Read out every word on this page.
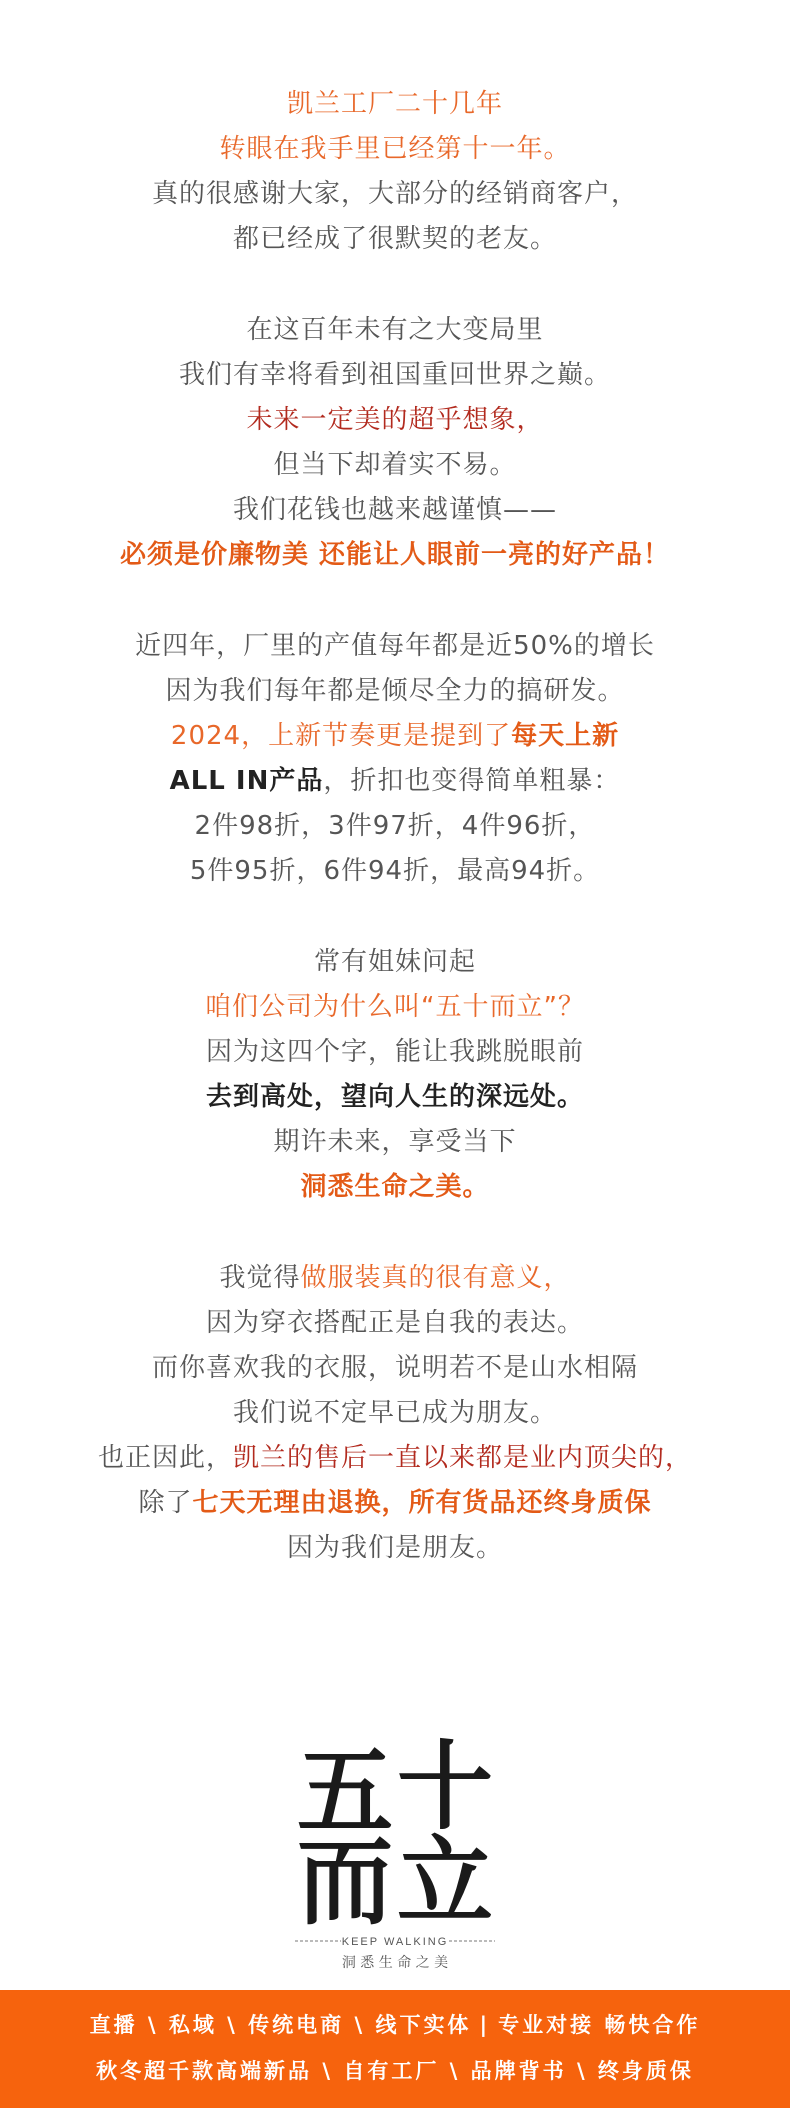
凯兰工厂二十几年
转眼在我手里已经第十一年。
真的很感谢大家，大部分的经销商客户，
都已经成了很默契的老友。
在这百年未有之大变局里
我们有幸将看到祖国重回世界之巅。
未来一定美的超乎想象，
但当下却着实不易。
我们花钱也越来越谨慎——
必须是价廉物美 还能让人眼前一亮的好产品！
近四年，厂里的产值每年都是近50%的增长
因为我们每年都是倾尽全力的搞研发。
2024，上新节奏更是提到了每天上新
ALL IN产品，折扣也变得简单粗暴：
2件98折，3件97折，4件96折，
5件95折，6件94折，最高94折。
常有姐妹问起
咱们公司为什么叫“五十而立”？
因为这四个字，能让我跳脱眼前
去到高处，望向人生的深远处。
期许未来，享受当下
洞悉生命之美。
我觉得做服装真的很有意义，
因为穿衣搭配正是自我的表达。
而你喜欢我的衣服，说明若不是山水相隔
我们说不定早已成为朋友。
也正因此，凯兰的售后一直以来都是业内顶尖的，
除了七天无理由退换，所有货品还终身质保
因为我们是朋友。
五 十
而 立
KEEP WALKING
洞 悉 生 命 之 美
直播 \ 私域 \ 传统电商 \ 线下实体 | 专业对接 畅快合作
秋冬超千款高端新品 \ 自有工厂 \ 品牌背书 \ 终身质保
